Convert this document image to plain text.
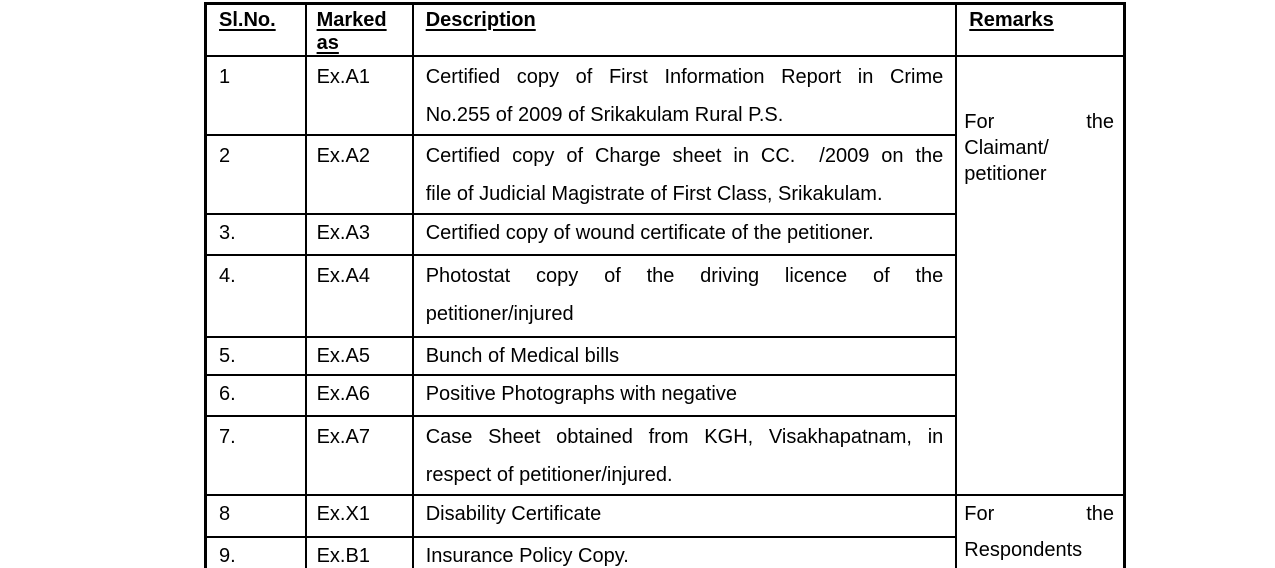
Sl.No.	Marked as	Description	Remarks
1	Ex.A1	Certified copy of First Information Report in Crime
No.255 of 2009 of Srikakulam Rural P.S.	For the
Claimant/
petitioner

2	Ex.A2	Certified copy of Charge sheet in CC.  /2009 on the
file of Judicial Magistrate of First Class, Srikakulam.	

3.	Ex.A3	Certified copy of wound certificate of the petitioner.	

4.	Ex.A4	Photostat copy of the driving licence of the
petitioner/injured	

5.	Ex.A5	Bunch of Medical bills	

6.	Ex.A6	Positive Photographs with negative	

7.	Ex.A7	Case Sheet obtained from KGH, Visakhapatnam, in
respect of petitioner/injured.	

8	Ex.X1	Disability Certificate	For the
Respondents

9.	Ex.B1	Insurance Policy Copy.	
